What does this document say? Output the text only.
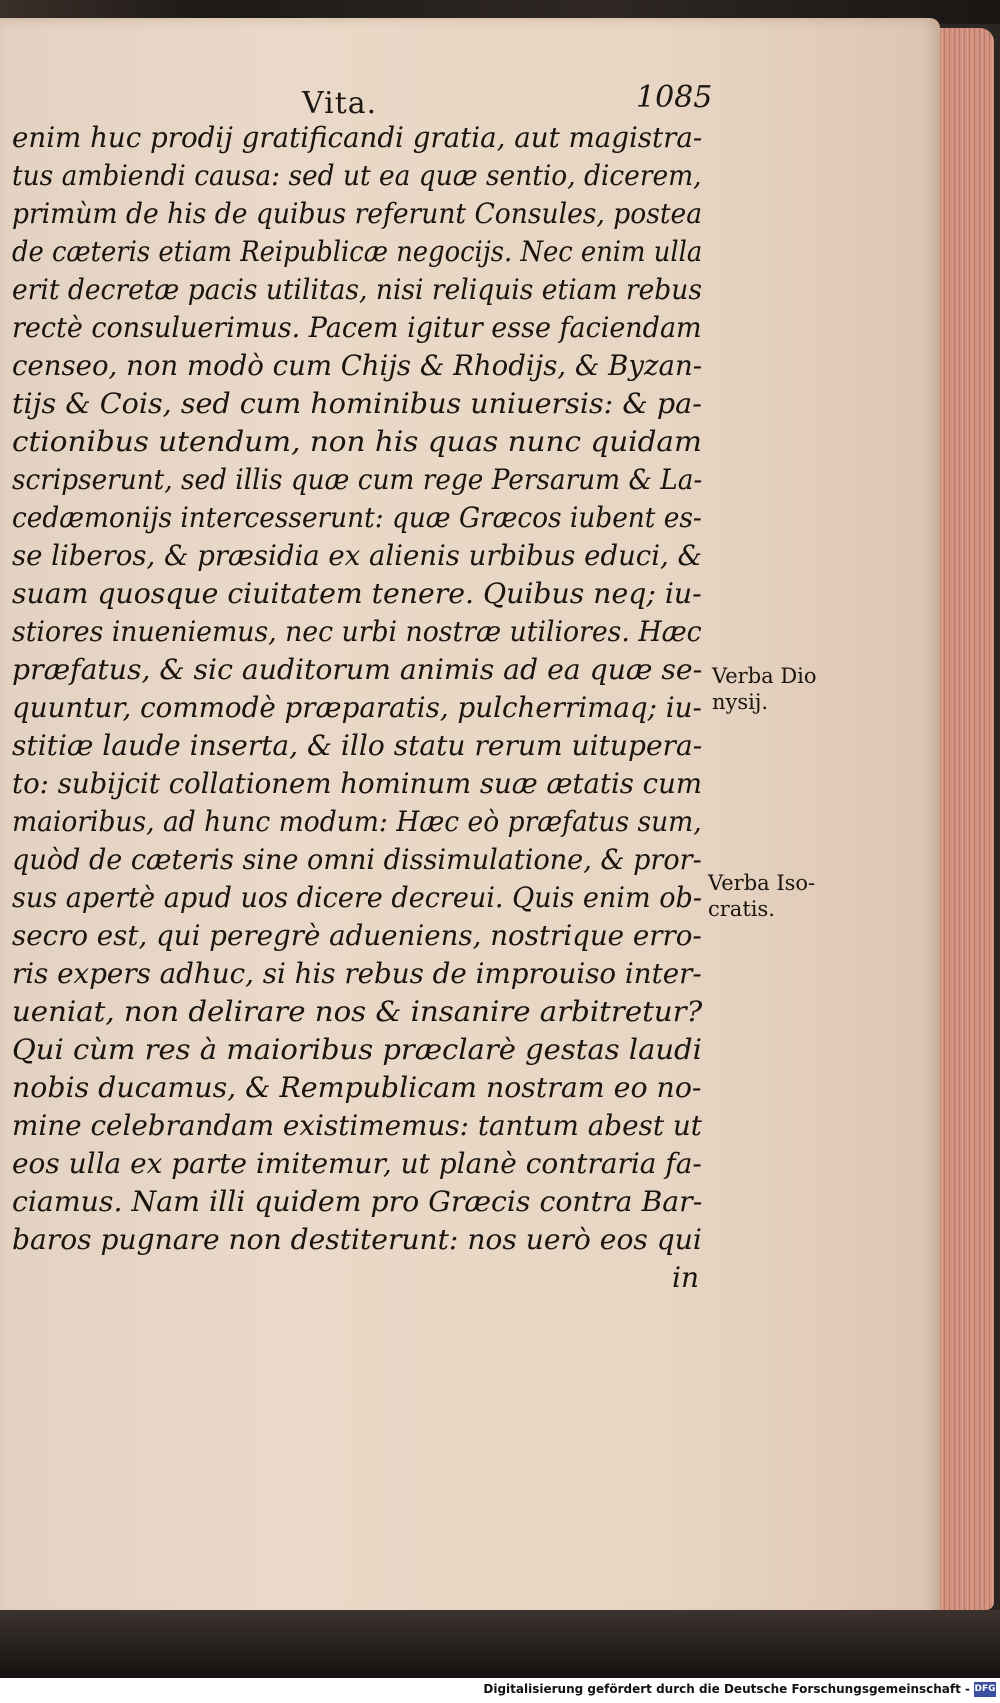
Vita.	1085
enim huc prodij gratificandi gratia, aut magistra-
tus ambiendi causa: sed ut ea quæ sentio, dicerem,
primùm de his de quibus referunt Consules, postea
de cæteris etiam Reipublicæ negocijs. Nec enim ulla
erit decretæ pacis utilitas, nisi reliquis etiam rebus
rectè consuluerimus. Pacem igitur esse faciendam
censeo, non modò cum Chijs & Rhodijs, & Byzan-
tijs & Cois, sed cum hominibus uniuersis: & pa-
ctionibus utendum, non his quas nunc quidam
scripserunt, sed illis quæ cum rege Persarum & La-
cedæmonijs intercesserunt: quæ Græcos iubent es-
se liberos, & præsidia ex alienis urbibus educi, &
suam quosque ciuitatem tenere. Quibus neq; iu-
stiores inueniemus, nec urbi nostræ utiliores. Hæc
præfatus, & sic auditorum animis ad ea quæ se-
quuntur, commodè præparatis, pulcherrimaq; iu-
stitiæ laude inserta, & illo statu rerum uitupera-
to: subijcit collationem hominum suæ ætatis cum
maioribus, ad hunc modum: Hæc eò præfatus sum,
quòd de cæteris sine omni dissimulatione, & pror-
sus apertè apud uos dicere decreui. Quis enim ob-
secro est, qui peregrè adueniens, nostrique erro-
ris expers adhuc, si his rebus de improuiso inter-
ueniat, non delirare nos & insanire arbitretur?
Qui cùm res à maioribus præclarè gestas laudi
nobis ducamus, & Rempublicam nostram eo no-
mine celebrandam existimemus: tantum abest ut
eos ulla ex parte imitemur, ut planè contraria fa-
ciamus. Nam illi quidem pro Græcis contra Bar-
baros pugnare non destiterunt: nos uerò eos qui
in
Verba Dio
nysij.
Verba Iso-
cratis.
Digitalisierung gefördert durch die Deutsche Forschungsgemeinschaft - DFG
